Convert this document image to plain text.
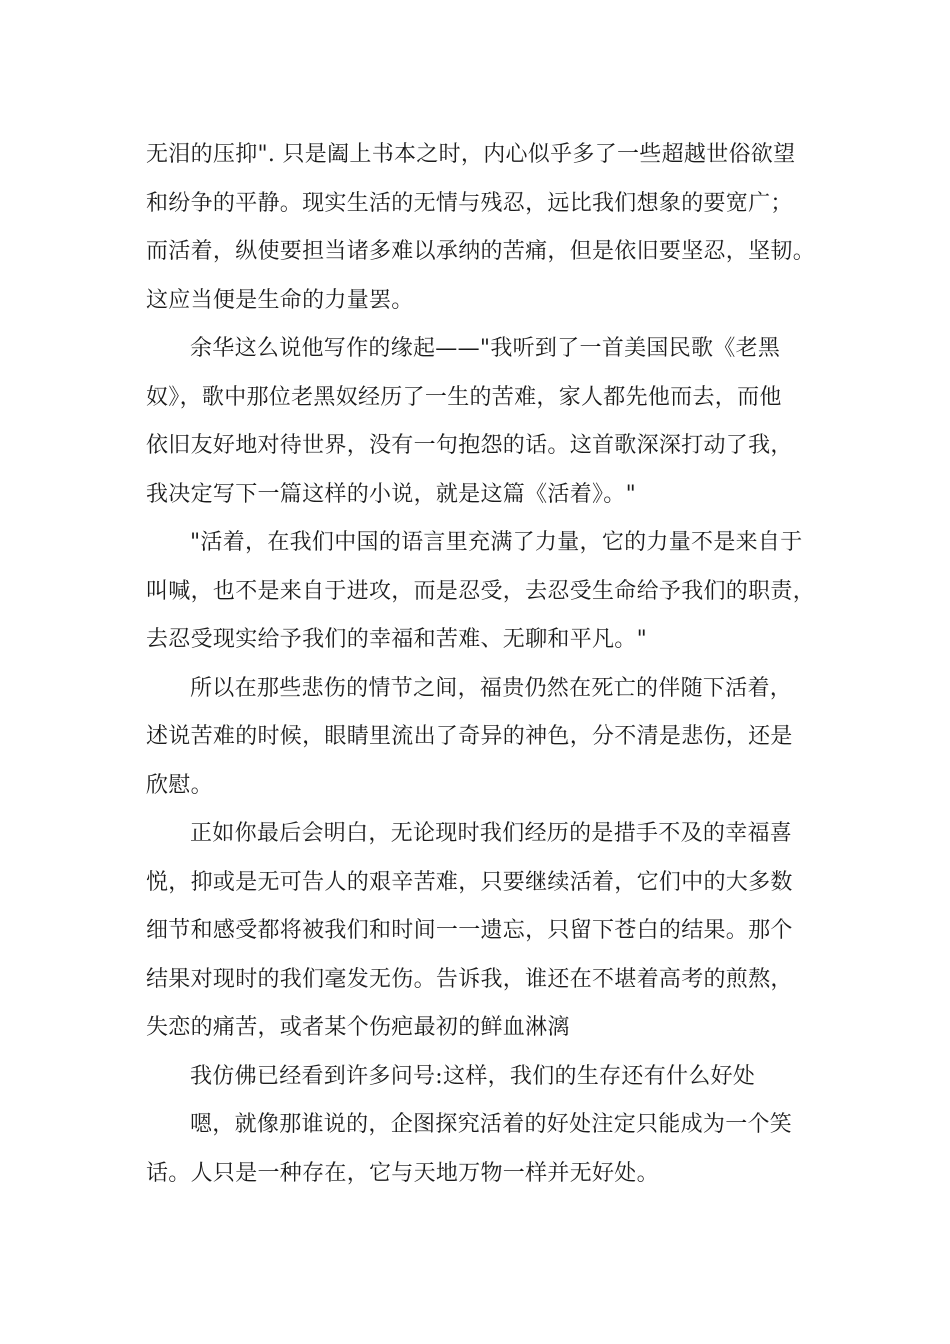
无泪的压抑". 只是阖上书本之时，内心似乎多了一些超越世俗欲望
和纷争的平静。现实生活的无情与残忍，远比我们想象的要宽广；
而活着，纵使要担当诸多难以承纳的苦痛，但是依旧要坚忍，坚韧。
这应当便是生命的力量罢。
余华这么说他写作的缘起——"我听到了一首美国民歌《老黑
奴》，歌中那位老黑奴经历了一生的苦难，家人都先他而去，而他
依旧友好地对待世界，没有一句抱怨的话。这首歌深深打动了我，
我决定写下一篇这样的小说，就是这篇《活着》。"
"活着，在我们中国的语言里充满了力量，它的力量不是来自于
叫喊，也不是来自于进攻，而是忍受，去忍受生命给予我们的职责，
去忍受现实给予我们的幸福和苦难、无聊和平凡。"
所以在那些悲伤的情节之间，福贵仍然在死亡的伴随下活着，
述说苦难的时候，眼睛里流出了奇异的神色，分不清是悲伤，还是
欣慰。
正如你最后会明白，无论现时我们经历的是措手不及的幸福喜
悦，抑或是无可告人的艰辛苦难，只要继续活着，它们中的大多数
细节和感受都将被我们和时间一一遗忘，只留下苍白的结果。那个
结果对现时的我们毫发无伤。告诉我，谁还在不堪着高考的煎熬，
失恋的痛苦，或者某个伤疤最初的鲜血淋漓
我仿佛已经看到许多问号:这样，我们的生存还有什么好处
嗯，就像那谁说的，企图探究活着的好处注定只能成为一个笑
话。人只是一种存在，它与天地万物一样并无好处。
